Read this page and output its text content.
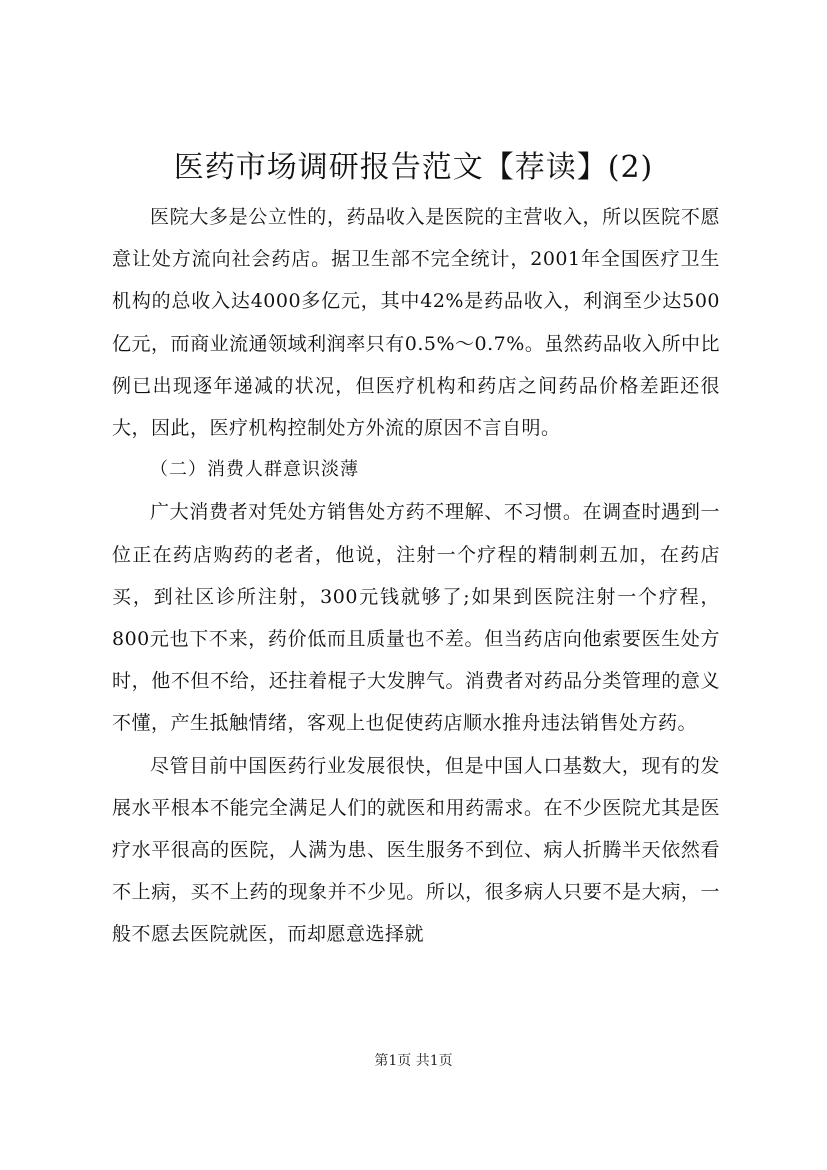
医药市场调研报告范文【荐读】(2)

医院大多是公立性的，药品收入是医院的主营收入，所以医院不愿意让处方流向社会药店。据卫生部不完全统计，2001年全国医疗卫生机构的总收入达4000多亿元，其中42%是药品收入，利润至少达500亿元，而商业流通领域利润率只有0.5%～0.7%。虽然药品收入所中比例已出现逐年递减的状况，但医疗机构和药店之间药品价格差距还很大，因此，医疗机构控制处方外流的原因不言自明。

（二）消费人群意识淡薄

广大消费者对凭处方销售处方药不理解、不习惯。在调查时遇到一位正在药店购药的老者，他说，注射一个疗程的精制刺五加，在药店买，到社区诊所注射，300元钱就够了;如果到医院注射一个疗程，800元也下不来，药价低而且质量也不差。但当药店向他索要医生处方时，他不但不给，还拄着棍子大发脾气。消费者对药品分类管理的意义不懂，产生抵触情绪，客观上也促使药店顺水推舟违法销售处方药。

尽管目前中国医药行业发展很快，但是中国人口基数大，现有的发展水平根本不能完全满足人们的就医和用药需求。在不少医院尤其是医疗水平很高的医院，人满为患、医生服务不到位、病人折腾半天依然看不上病，买不上药的现象并不少见。所以，很多病人只要不是大病，一般不愿去医院就医，而却愿意选择就

第1页 共1页
